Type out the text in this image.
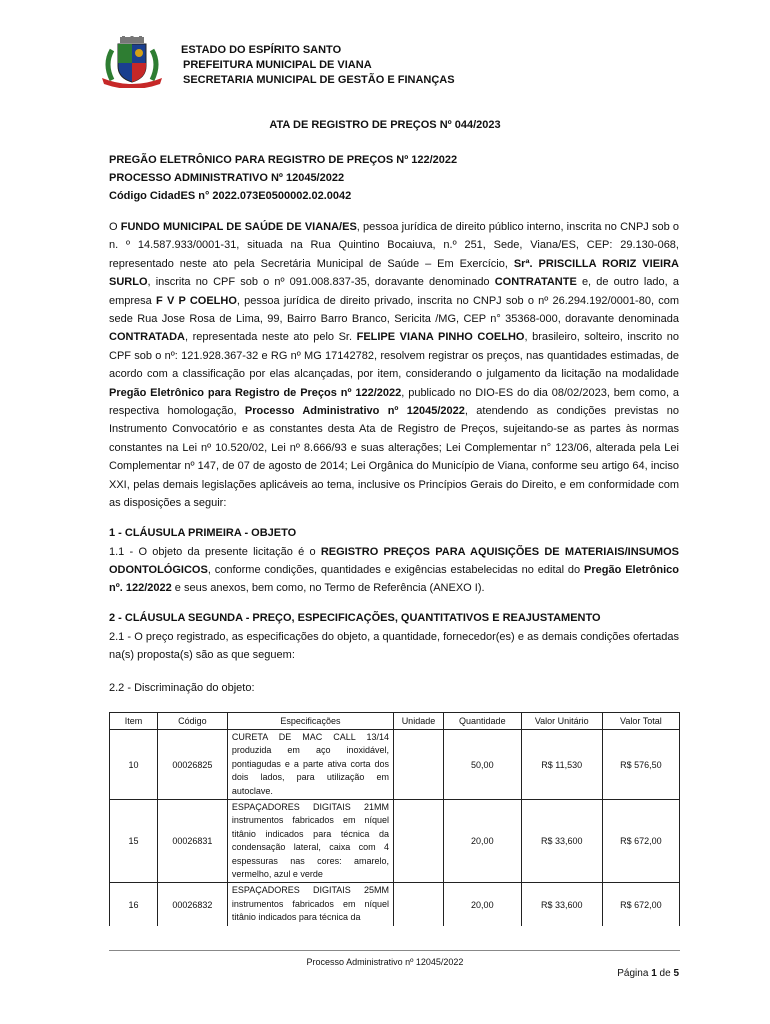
ESTADO DO ESPÍRITO SANTO
PREFEITURA MUNICIPAL DE VIANA
SECRETARIA MUNICIPAL DE GESTÃO E FINANÇAS
ATA DE REGISTRO DE PREÇOS Nº 044/2023
PREGÃO ELETRÔNICO PARA REGISTRO DE PREÇOS Nº 122/2022
PROCESSO ADMINISTRATIVO Nº 12045/2022
Código CidadES n° 2022.073E0500002.02.0042

O FUNDO MUNICIPAL DE SAÚDE DE VIANA/ES, pessoa jurídica de direito público interno, inscrita no CNPJ sob o n. º 14.587.933/0001-31, situada na Rua Quintino Bocaiuva, n.º 251, Sede, Viana/ES, CEP: 29.130-068, representado neste ato pela Secretária Municipal de Saúde – Em Exercício, Srª. PRISCILLA RORIZ VIEIRA SURLO, inscrita no CPF sob o nº 091.008.837-35, doravante denominado CONTRATANTE e, de outro lado, a empresa F V P COELHO, pessoa jurídica de direito privado, inscrita no CNPJ sob o nº 26.294.192/0001-80, com sede Rua Jose Rosa de Lima, 99, Bairro Barro Branco, Sericita /MG, CEP n° 35368-000, doravante denominada CONTRATADA, representada neste ato pelo Sr. FELIPE VIANA PINHO COELHO, brasileiro, solteiro, inscrito no CPF sob o nº: 121.928.367-32 e RG nº MG 17142782, resolvem registrar os preços, nas quantidades estimadas, de acordo com a classificação por elas alcançadas, por item, considerando o julgamento da licitação na modalidade Pregão Eletrônico para Registro de Preços nº 122/2022, publicado no DIO-ES do dia 08/02/2023, bem como, a respectiva homologação, Processo Administrativo nº 12045/2022, atendendo as condições previstas no Instrumento Convocatório e as constantes desta Ata de Registro de Preços, sujeitando-se as partes às normas constantes na Lei nº 10.520/02, Lei nº 8.666/93 e suas alterações; Lei Complementar n° 123/06, alterada pela Lei Complementar nº 147, de 07 de agosto de 2014; Lei Orgânica do Município de Viana, conforme seu artigo 64, inciso XXI, pelas demais legislações aplicáveis ao tema, inclusive os Princípios Gerais do Direito, e em conformidade com as disposições a seguir:

1 - CLÁUSULA PRIMEIRA - OBJETO
1.1 - O objeto da presente licitação é o REGISTRO PREÇOS PARA AQUISIÇÕES DE MATERIAIS/INSUMOS ODONTOLÓGICOS, conforme condições, quantidades e exigências estabelecidas no edital do Pregão Eletrônico nº. 122/2022 e seus anexos, bem como, no Termo de Referência (ANEXO I).
2 - CLÁUSULA SEGUNDA - PREÇO, ESPECIFICAÇÕES, QUANTITATIVOS E REAJUSTAMENTO
2.1 - O preço registrado, as especificações do objeto, a quantidade, fornecedor(es) e as demais condições ofertadas na(s) proposta(s) são as que seguem:
2.2 - Discriminação do objeto:
Item	Código	Especificações	Unidade	Quantidade	Valor Unitário	Valor Total
10	00026825	CURETA DE MAC CALL 13/14 produzida em aço inoxidável, pontiagudas e a parte ativa corta dos dois lados, para utilização em autoclave.		50,00	R$ 11,530	R$ 576,50
15	00026831	ESPAÇADORES DIGITAIS 21MM instrumentos fabricados em níquel titânio indicados para técnica da condensação lateral, caixa com 4 espessuras nas cores: amarelo, vermelho, azul e verde		20,00	R$ 33,600	R$ 672,00
16	00026832	ESPAÇADORES DIGITAIS 25MM instrumentos fabricados em níquel titânio indicados para técnica da		20,00	R$ 33,600	R$ 672,00
Processo Administrativo nº 12045/2022
Página 1 de 5
